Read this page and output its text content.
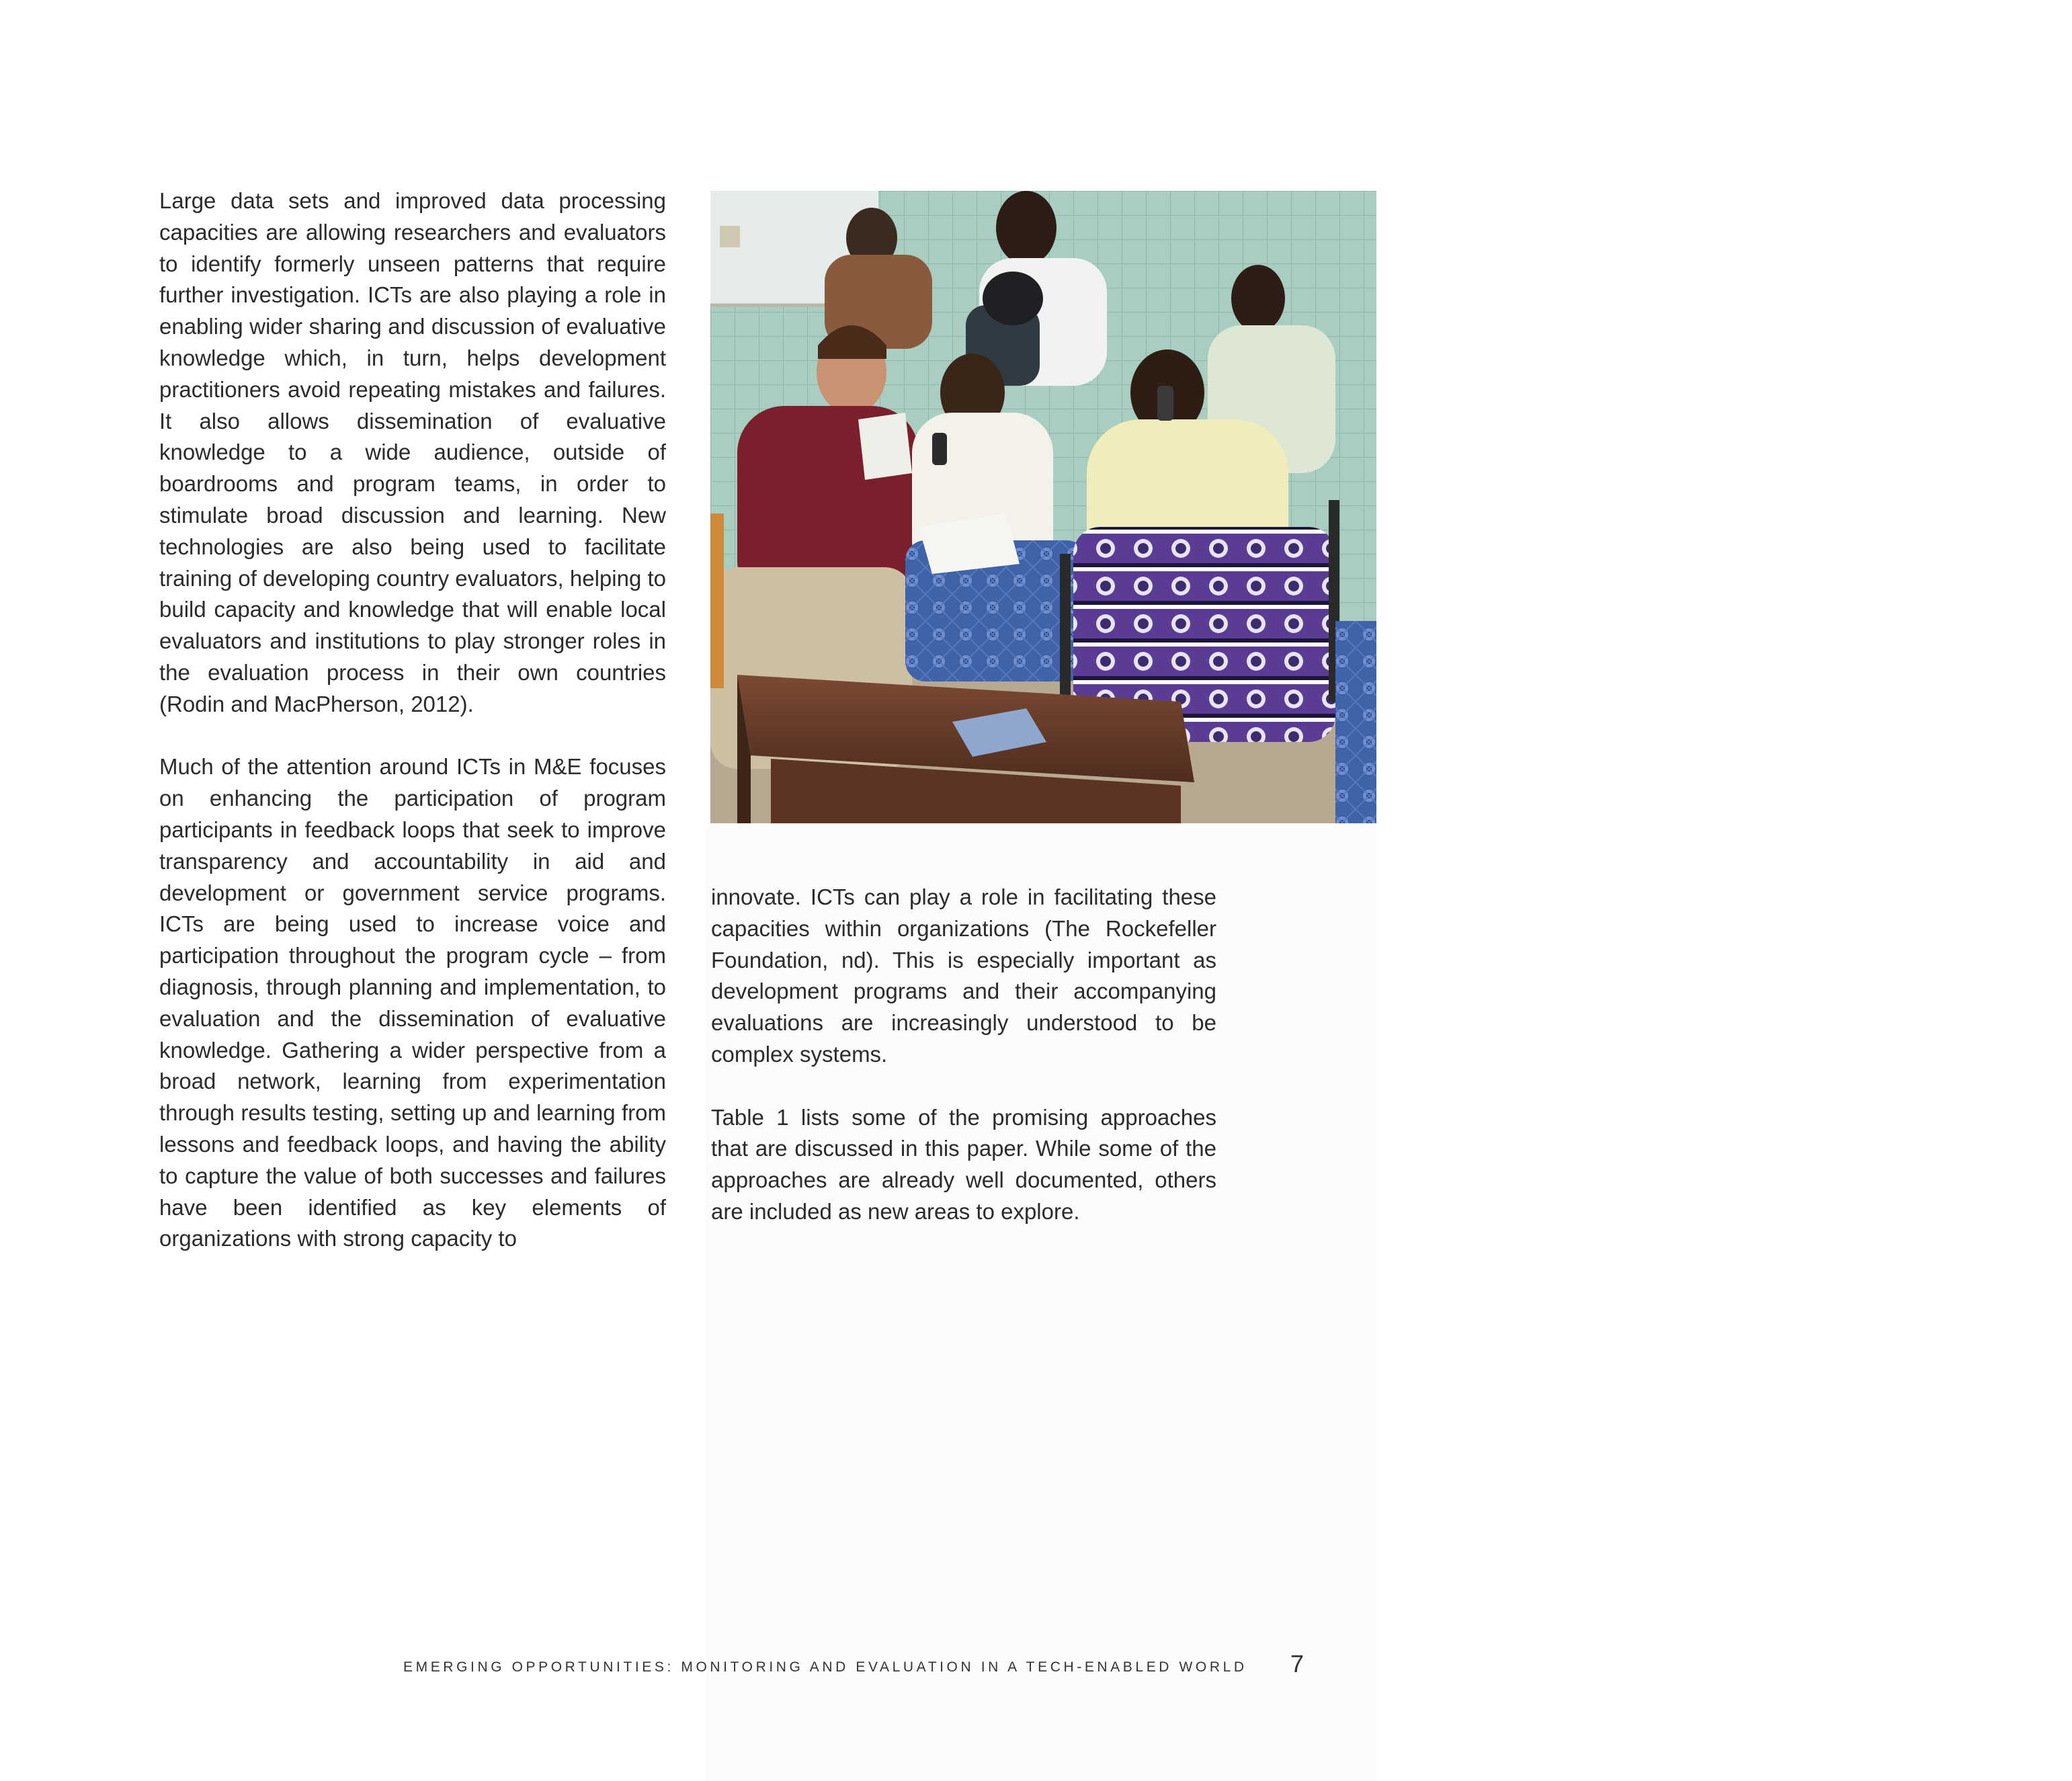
Large data sets and improved data processing capacities are allowing researchers and evaluators to identify formerly unseen patterns that require further investigation. ICTs are also playing a role in enabling wider sharing and discussion of evaluative knowledge which, in turn, helps development practitioners avoid repeating mistakes and failures. It also allows dissemination of evaluative knowledge to a wide audience, outside of boardrooms and program teams, in order to stimulate broad discussion and learning. New technologies are also being used to facilitate training of developing country evaluators, helping to build capacity and knowledge that will enable local evaluators and institutions to play stronger roles in the evaluation process in their own countries (Rodin and MacPherson, 2012).

Much of the attention around ICTs in M&E focuses on enhancing the participation of program participants in feedback loops that seek to improve transparency and accountability in aid and development or government service programs. ICTs are being used to increase voice and participation throughout the program cycle – from diagnosis, through planning and implementation, to evaluation and the dissemination of evaluative knowledge. Gathering a wider perspective from a broad network, learning from experimentation through results testing, setting up and learning from lessons and feedback loops, and having the ability to capture the value of both successes and failures have been identified as key elements of organizations with strong capacity to

© Josh Nesbit

innovate. ICTs can play a role in facilitating these capacities within organizations (The Rockefeller Foundation, nd). This is especially important as development programs and their accompanying evaluations are increasingly understood to be complex systems.

Table 1 lists some of the promising approaches that are discussed in this paper. While some of the approaches are already well documented, others are included as new areas to explore.

EMERGING OPPORTUNITIES: MONITORING AND EVALUATION IN A TECH-ENABLED WORLD	7
